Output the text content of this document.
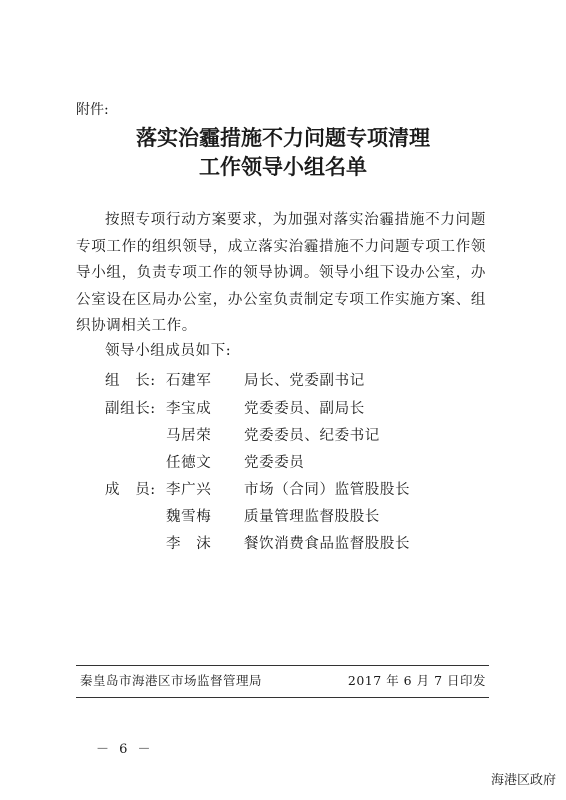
附件:
落实治霾措施不力问题专项清理
工作领导小组名单
按照专项行动方案要求，为加强对落实治霾措施不力问题专项工作的组织领导，成立落实治霾措施不力问题专项工作领导小组，负责专项工作的领导协调。领导小组下设办公室，办公室设在区局办公室，办公室负责制定专项工作实施方案、组织协调相关工作。
领导小组成员如下:
组　长: 石建军	局长、党委副书记
副组长: 李宝成	党委委员、副局长
马居荣	党委委员、纪委书记
任德文	党委委员
成　员: 李广兴	市场（合同）监管股股长
魏雪梅	质量管理监督股股长
李　沫	餐饮消费食品监督股股长
秦皇岛市海港区市场监督管理局	2017 年 6 月 7 日印发
－ 6 －
海港区政府
